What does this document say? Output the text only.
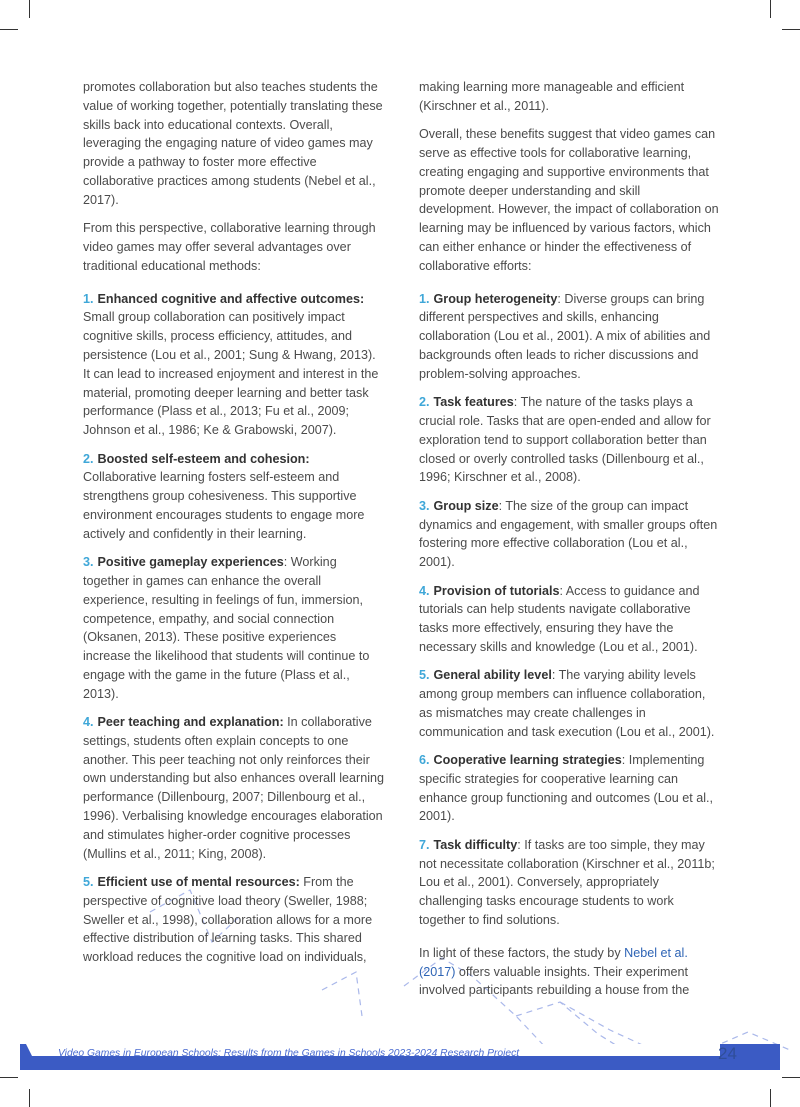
promotes collaboration but also teaches students the value of working together, potentially translating these skills back into educational contexts. Overall, leveraging the engaging nature of video games may provide a pathway to foster more effective collaborative practices among students (Nebel et al., 2017).

From this perspective, collaborative learning through video games may offer several advantages over traditional educational methods:

1. Enhanced cognitive and affective outcomes: Small group collaboration can positively impact cognitive skills, process efficiency, attitudes, and persistence (Lou et al., 2001; Sung & Hwang, 2013). It can lead to increased enjoyment and interest in the material, promoting deeper learning and better task performance (Plass et al., 2013; Fu et al., 2009; Johnson et al., 1986; Ke & Grabowski, 2007).

2. Boosted self-esteem and cohesion: Collaborative learning fosters self-esteem and strengthens group cohesiveness. This supportive environment encourages students to engage more actively and confidently in their learning.

3. Positive gameplay experiences: Working together in games can enhance the overall experience, resulting in feelings of fun, immersion, competence, empathy, and social connection (Oksanen, 2013). These positive experiences increase the likelihood that students will continue to engage with the game in the future (Plass et al., 2013).

4. Peer teaching and explanation: In collaborative settings, students often explain concepts to one another. This peer teaching not only reinforces their own understanding but also enhances overall learning performance (Dillenbourg, 2007; Dillenbourg et al., 1996). Verbalising knowledge encourages elaboration and stimulates higher-order cognitive processes (Mullins et al., 2011; King, 2008).

5. Efficient use of mental resources: From the perspective of cognitive load theory (Sweller, 1988; Sweller et al., 1998), collaboration allows for a more effective distribution of learning tasks. This shared workload reduces the cognitive load on individuals,

making learning more manageable and efficient (Kirschner et al., 2011).

Overall, these benefits suggest that video games can serve as effective tools for collaborative learning, creating engaging and supportive environments that promote deeper understanding and skill development. However, the impact of collaboration on learning may be influenced by various factors, which can either enhance or hinder the effectiveness of collaborative efforts:

1. Group heterogeneity: Diverse groups can bring different perspectives and skills, enhancing collaboration (Lou et al., 2001). A mix of abilities and backgrounds often leads to richer discussions and problem-solving approaches.

2. Task features: The nature of the tasks plays a crucial role. Tasks that are open-ended and allow for exploration tend to support collaboration better than closed or overly controlled tasks (Dillenbourg et al., 1996; Kirschner et al., 2008).

3. Group size: The size of the group can impact dynamics and engagement, with smaller groups often fostering more effective collaboration (Lou et al., 2001).

4. Provision of tutorials: Access to guidance and tutorials can help students navigate collaborative tasks more effectively, ensuring they have the necessary skills and knowledge (Lou et al., 2001).

5. General ability level: The varying ability levels among group members can influence collaboration, as mismatches may create challenges in communication and task execution (Lou et al., 2001).

6. Cooperative learning strategies: Implementing specific strategies for cooperative learning can enhance group functioning and outcomes (Lou et al., 2001).

7. Task difficulty: If tasks are too simple, they may not necessitate collaboration (Kirschner et al., 2011b; Lou et al., 2001). Conversely, appropriately challenging tasks encourage students to work together to find solutions.

In light of these factors, the study by Nebel et al. (2017) offers valuable insights. Their experiment involved participants rebuilding a house from the

Video Games in European Schools: Results from the Games in Schools 2023-2024 Research Project	24
